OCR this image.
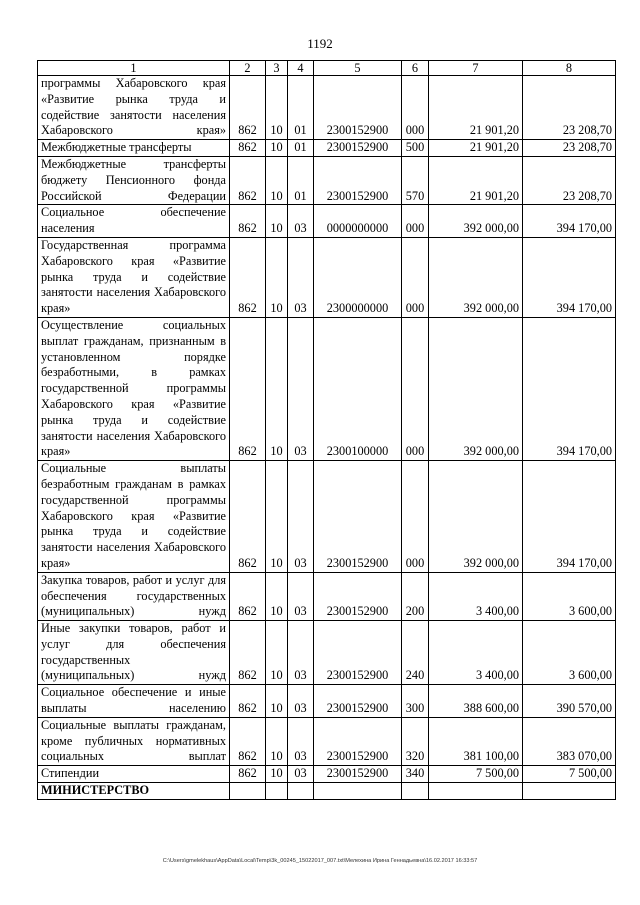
1192
1	2	3	4	5	6	7	8
программы Хабаровского края «Развитие рынка труда и содействие занятости населения Хабаровского края»	862	10	01	2300152900	000	21 901,20	23 208,70
Межбюджетные трансферты	862	10	01	2300152900	500	21 901,20	23 208,70
Межбюджетные трансферты бюджету Пенсионного фонда Российской Федерации	862	10	01	2300152900	570	21 901,20	23 208,70
Социальное обеспечение населения	862	10	03	0000000000	000	392 000,00	394 170,00
Государственная программа Хабаровского края «Развитие рынка труда и содействие занятости населения Хабаровского края»	862	10	03	2300000000	000	392 000,00	394 170,00
Осуществление социальных выплат гражданам, признанным в установленном порядке безработными, в рамках государственной программы Хабаровского края «Развитие рынка труда и содействие занятости населения Хабаровского края»	862	10	03	2300100000	000	392 000,00	394 170,00
Социальные выплаты безработным гражданам в рамках государственной программы Хабаровского края «Развитие рынка труда и содействие занятости населения Хабаровского края»	862	10	03	2300152900	000	392 000,00	394 170,00
Закупка товаров, работ и услуг для обеспечения государственных (муниципальных) нужд	862	10	03	2300152900	200	3 400,00	3 600,00
Иные закупки товаров, работ и услуг для обеспечения государственных (муниципальных) нужд	862	10	03	2300152900	240	3 400,00	3 600,00
Социальное обеспечение и иные выплаты населению	862	10	03	2300152900	300	388 600,00	390 570,00
Социальные выплаты гражданам, кроме публичных нормативных социальных выплат	862	10	03	2300152900	320	381 100,00	383 070,00
Стипендии	862	10	03	2300152900	340	7 500,00	7 500,00
МИНИСТЕРСТВО							
C:\Users\gmelekhaus\AppData\Local\Temp\3k_00245_15022017_007.txt\Мелехина Ирина Геннадьевна\16.02.2017 16:33:57
